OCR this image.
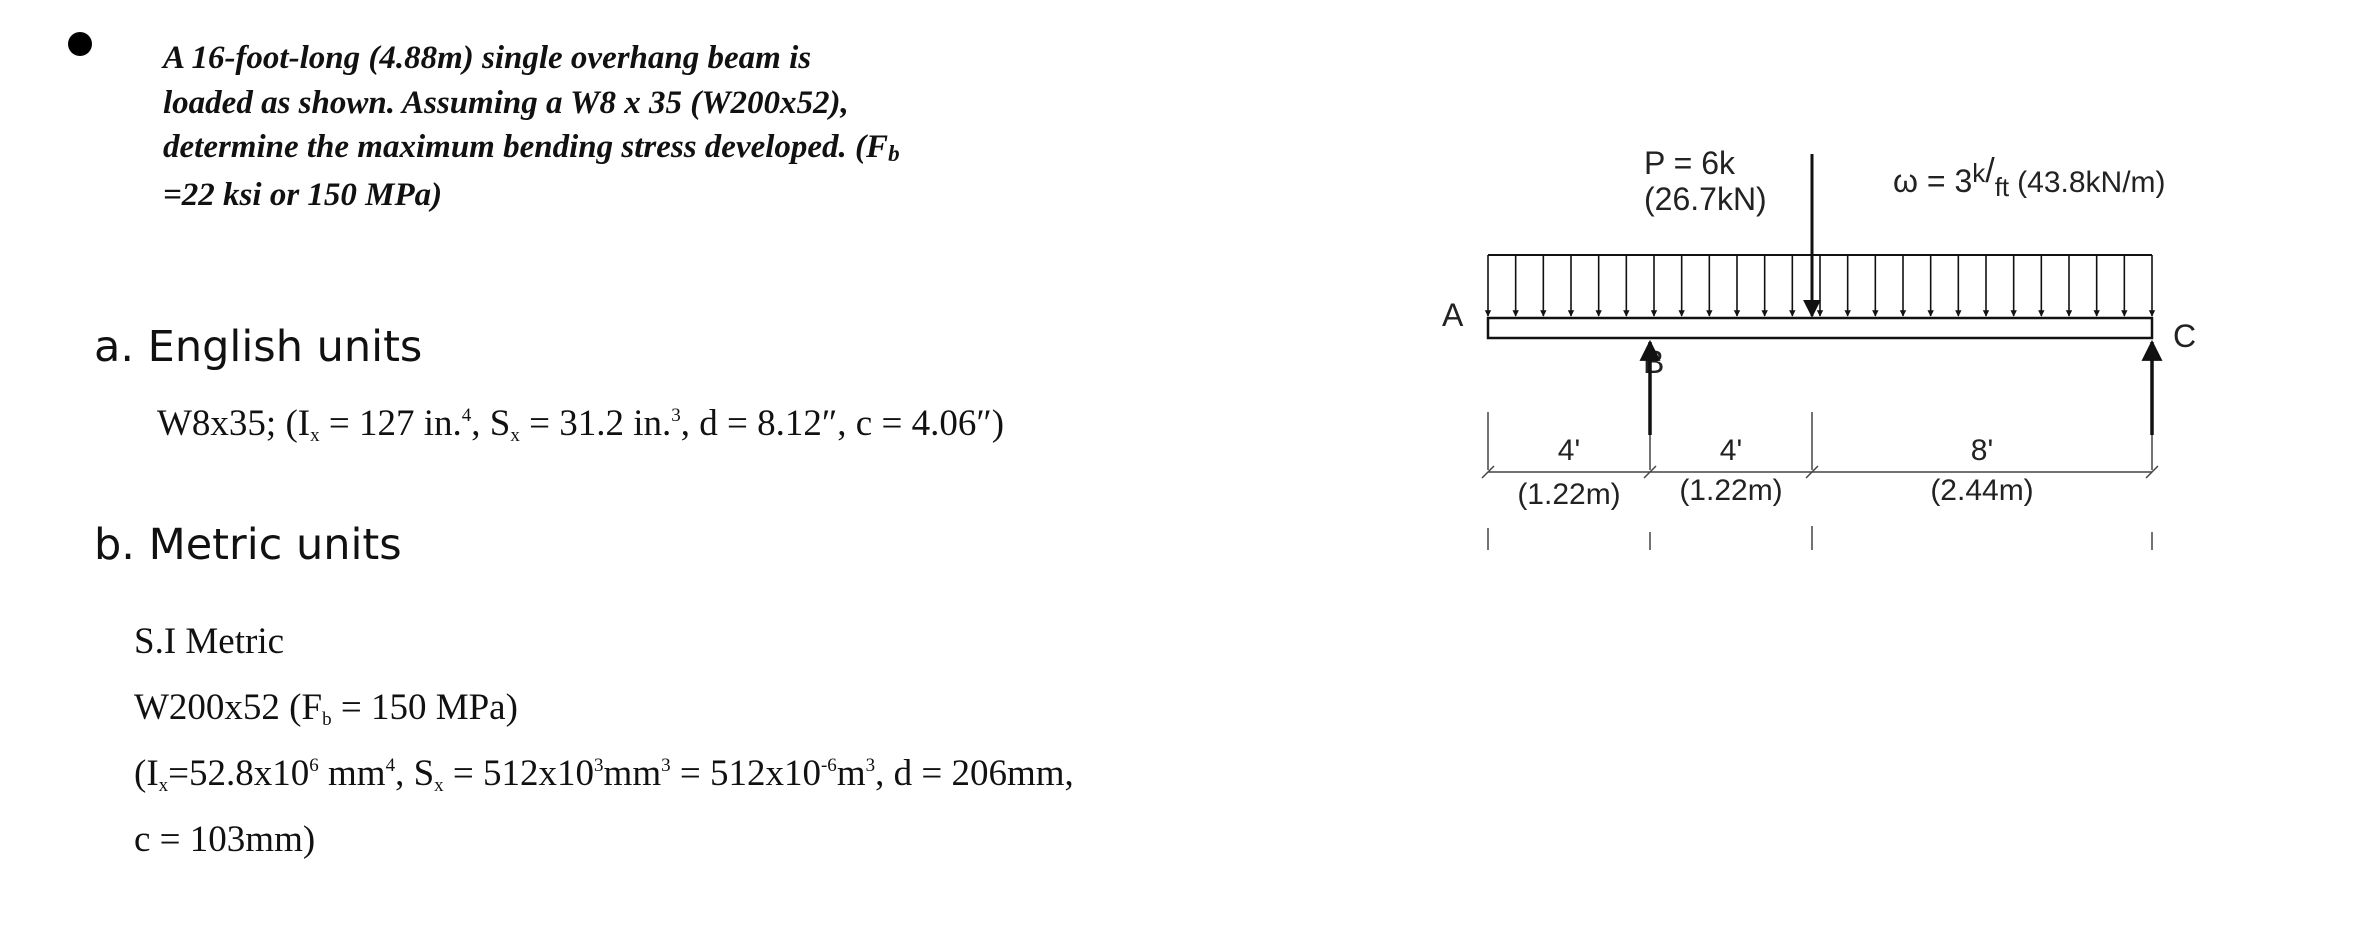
A 16-foot-long (4.88m) single overhang beam is
loaded as shown. Assuming a W8 x 35 (W200x52),
determine the maximum bending stress developed. (Fb
=22 ksi or 150 MPa)
a. English units
W8x35; ($I_x = 127$ in.$^4$, $S_x = 31.2$ in.$^3$, d = 8.12″, c = 4.06″)
b. Metric units
S.I Metric
W200x52 ($F_b = 150$ MPa)
($I_x=52.8x10^6$ $mm^4$, $S_x = 512x10^3mm^3 = 512x10^{-6}m^3$, d = 206mm,
c = 103mm)
P = 6k
(26.7kN)	$\omega = 3^k/_{ft}$ (43.8kN/m)
A
B
C
4'
(1.22m)
4'
(1.22m)
8'
(2.44m)
